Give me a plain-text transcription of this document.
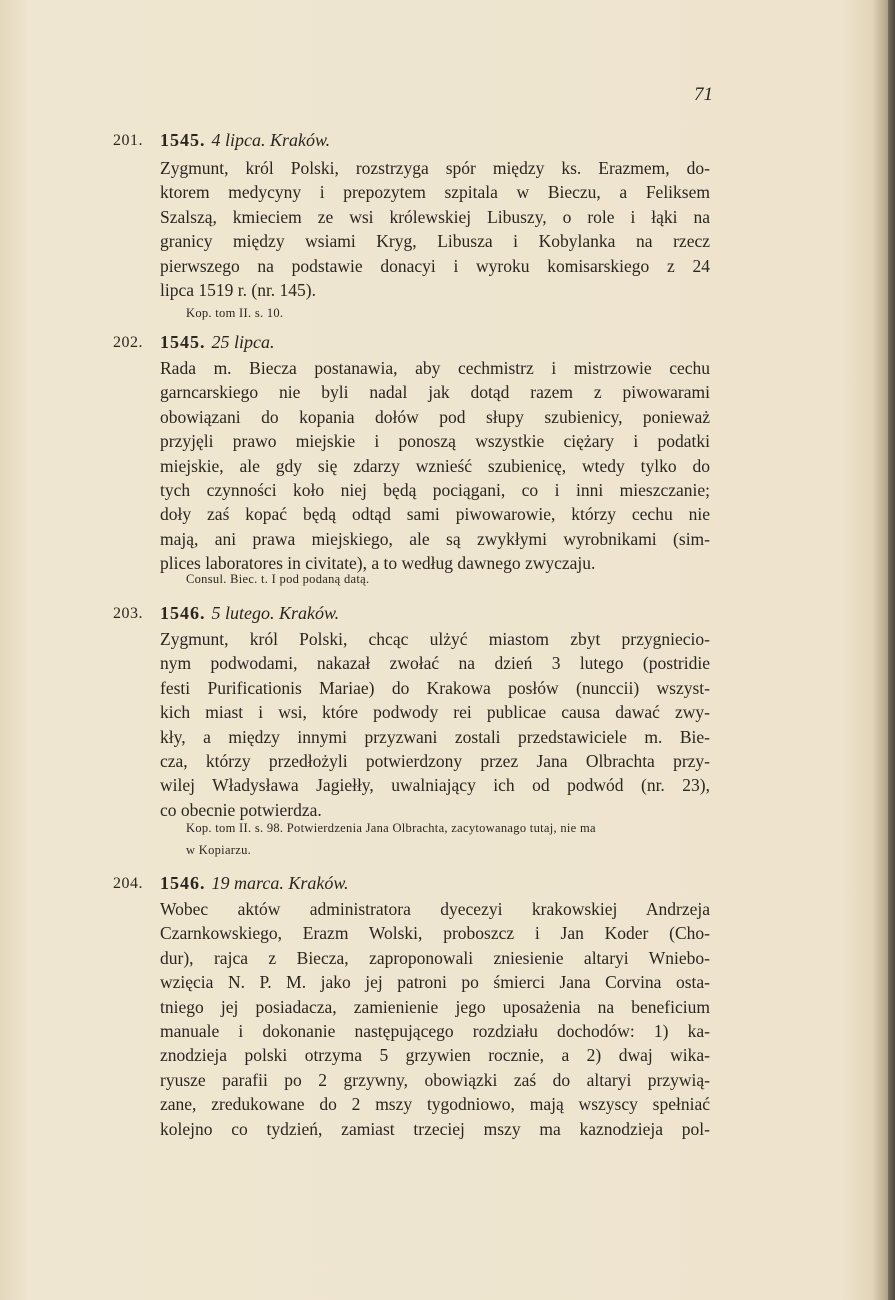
71
201. 1545. 4 lipca. Kraków.
Zygmunt, król Polski, rozstrzyga spór między ks. Erazmem, do-
ktorem medycyny i prepozytem szpitala w Bieczu, a Feliksem
Szalszą, kmieciem ze wsi królewskiej Libuszy, o role i łąki na
granicy między wsiami Kryg, Libusza i Kobylanka na rzecz
pierwszego na podstawie donacyi i wyroku komisarskiego z 24
lipca 1519 r. (nr. 145).
Kop. tom II. s. 10.
202. 1545. 25 lipca.
Rada m. Biecza postanawia, aby cechmistrz i mistrzowie cechu
garncarskiego nie byli nadal jak dotąd razem z piwowarami
obowiązani do kopania dołów pod słupy szubienicy, ponieważ
przyjęli prawo miejskie i ponoszą wszystkie ciężary i podatki
miejskie, ale gdy się zdarzy wznieść szubienicę, wtedy tylko do
tych czynności koło niej będą pociągani, co i inni mieszczanie;
doły zaś kopać będą odtąd sami piwowarowie, którzy cechu nie
mają, ani prawa miejskiego, ale są zwykłymi wyrobnikami (sim-
plices laboratores in civitate), a to według dawnego zwyczaju.
Consul. Biec. t. I pod podaną datą.
203. 1546. 5 lutego. Kraków.
Zygmunt, król Polski, chcąc ulżyć miastom zbyt przygniecio-
nym podwodami, nakazał zwołać na dzień 3 lutego (postridie
festi Purificationis Mariae) do Krakowa posłów (nunccii) wszyst-
kich miast i wsi, które podwody rei publicae causa dawać zwy-
kły, a między innymi przyzwani zostali przedstawiciele m. Bie-
cza, którzy przedłożyli potwierdzony przez Jana Olbrachta przy-
wilej Władysława Jagiełły, uwalniający ich od podwód (nr. 23),
co obecnie potwierdza.
Kop. tom II. s. 98. Potwierdzenia Jana Olbrachta, zacytowanago tutaj, nie ma
w Kopiarzu.
204. 1546. 19 marca. Kraków.
Wobec aktów administratora dyecezyi krakowskiej Andrzeja
Czarnkowskiego, Erazm Wolski, proboszcz i Jan Koder (Cho-
dur), rajca z Biecza, zaproponowali zniesienie altaryi Wniebo-
wzięcia N. P. M. jako jej patroni po śmierci Jana Corvina osta-
tniego jej posiadacza, zamienienie jego uposażenia na beneficium
manuale i dokonanie następującego rozdziału dochodów: 1) ka-
znodzieja polski otrzyma 5 grzywien rocznie, a 2) dwaj wika-
ryusze parafii po 2 grzywny, obowiązki zaś do altaryi przywią-
zane, zredukowane do 2 mszy tygodniowo, mają wszyscy spełniać
kolejno co tydzień, zamiast trzeciej mszy ma kaznodzieja pol-
